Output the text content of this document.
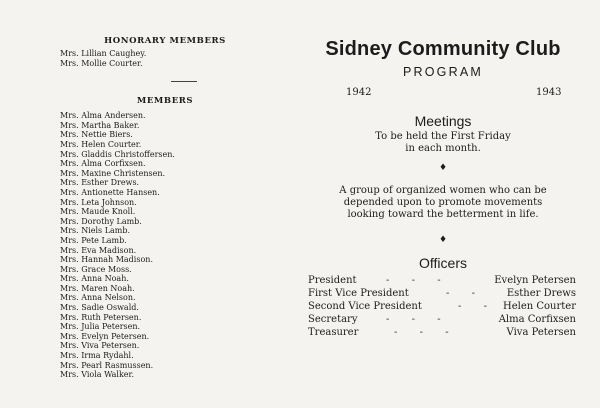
HONORARY MEMBERS
Mrs. Lillian Caughey.
Mrs. Mollie Courter.
MEMBERS
Mrs. Alma Andersen.
Mrs. Martha Baker.
Mrs. Nettie Biers.
Mrs. Helen Courter.
Mrs. Gladdis Christoffersen.
Mrs. Alma Corfixsen.
Mrs. Maxine Christensen.
Mrs. Esther Drews.
Mrs. Antionette Hansen.
Mrs. Leta Johnson.
Mrs. Maude Knoll.
Mrs. Dorothy Lamb.
Mrs. Niels Lamb.
Mrs. Pete Lamb.
Mrs. Eva Madison.
Mrs. Hannah Madison.
Mrs. Grace Moss.
Mrs. Anna Noah.
Mrs. Maren Noah.
Mrs. Anna Nelson.
Mrs. Sadie Oswald.
Mrs. Ruth Petersen.
Mrs. Julia Petersen.
Mrs. Evelyn Petersen.
Mrs. Viva Petersen.
Mrs. Irma Rydahl.
Mrs. Pearl Rasmussen.
Mrs. Viola Walker.
Sidney Community Club
PROGRAM
1942	1943
Meetings
To be held the First Friday
in each month.
♦
A group of organized women who can be
depended upon to promote movements
looking toward the betterment in life.
♦
Officers
President	-       -       -	Evelyn Petersen
First Vice President	-       -	Esther Drews
Second Vice President	-       - Helen Courter
Secretary	-       -       -	Alma Corfixsen
Treasurer	-       -       -	Viva Petersen
